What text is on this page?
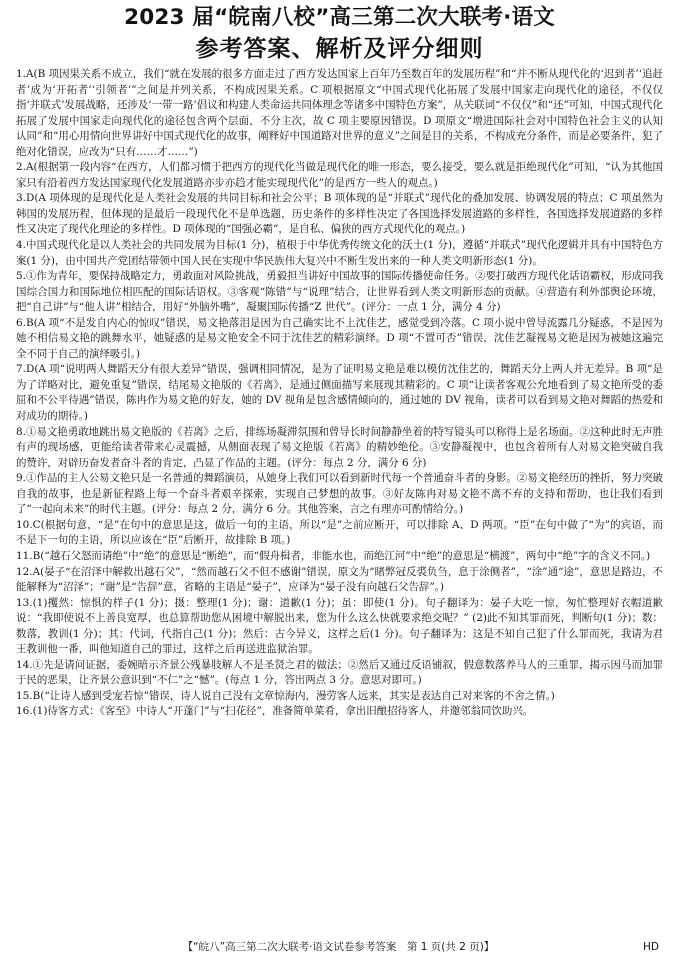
2023 届“皖南八校”高三第二次大联考·语文
参考答案、解析及评分细则

1.A(B 项因果关系不成立，我们“就在发展的很多方面走过了西方发达国家上百年乃至数百年的发展历程”和“并不断从现代化的‘迟到者’‘追赶者’成为‘开拓者’‘引领者’”之间是并列关系，不构成因果关系。C 项根据原文“中国式现代化拓展了发展中国家走向现代化的途径，不仅仅指‘并联式’发展战略，还涉及‘一带一路’倡议和构建人类命运共同体理念等诸多中国特色方案”，从关联词“不仅仅”和“还”可知，中国式现代化拓展了发展中国家走向现代化的途径包含两个层面，不分主次，故 C 项主要原因错误。D 项原文“增进国际社会对中国特色社会主义的认知认同”和“用心用情向世界讲好中国式现代化的故事，阐释好中国道路对世界的意义”之间是目的关系，不构成充分条件，而是必要条件，犯了绝对化错误，应改为“只有……才……”)

2.A(根据第一段内容“在西方，人们都习惯于把西方的现代化当做是现代化的唯一形态，要么接受，要么就是拒绝现代化”可知，“认为其他国家只有沿着西方发达国家现代化发展道路亦步亦趋才能实现现代化”的是西方一些人的观点。)

3.D(A 项体现的是现代化是人类社会发展的共同目标和社会公平；B 项体现的是“并联式”现代化的叠加发展、协调发展的特点；C 项虽然为韩国的发展历程，但体现的是最后一段现代化不是单选题，历史条件的多样性决定了各国选择发展道路的多样性，各国选择发展道路的多样性又决定了现代化理论的多样性。D 项体现的“国强必霸”，是自私、偏狭的西方式现代化的观点。)

4.中国式现代化是以人类社会的共同发展为目标(1 分)，植根于中华优秀传统文化的沃土(1 分)，遵循“并联式”现代化逻辑并具有中国特色方案(1 分)，由中国共产党团结带领中国人民在实现中华民族伟大复兴中不断生发出来的一种人类文明新形态(1 分)。

5.①作为青年，要保持战略定力，勇敢面对风险挑战，勇毅担当讲好中国故事的国际传播使命任务。②要打破西方现代化话语霸权，形成同我国综合国力和国际地位相匹配的国际话语权。③客观“陈错”与“说理”结合，让世界看到人类文明新形态的贡献。④营造有利外部舆论环境，把“自己讲”与“他人讲”相结合，用好“外脑外嘴”，凝聚国际传播“Z 世代”。(评分：一点 1 分，满分 4 分)

6.B(A 项“不是发自内心的惊叹”错误，易文艳落泪是因为自己确实比不上沈佳艺，感觉受到冷落。C 项小说中曾导流露几分疑惑，不是因为她不相信易文艳的跳舞水平，她疑惑的是易文艳安全不同于沈佳艺的精彩演绎。D 项“不置可否”错误，沈佳艺凝视易文艳是因为被她这遍完全不同于自己的演绎吸引。)

7.D(A 项“说明两人舞蹈天分有很大差异”错误，强调相同情况，是为了证明易文艳是难以模仿沈佳艺的，舞蹈天分上两人并无差异。B 项“是为了详略对比，避免重复”错误，结尾易文艳版的《若离》，是通过侧面描写来展现其精彩的。C 项“让读者客观公允地看到了易文艳所受的委屈和不公平待遇”错误，陈冉作为易文艳的好友，她的 DV 视角是包含感情倾向的，通过她的 DV 视角，读者可以看到易文艳对舞蹈的热爱和对成功的期待。)

8.①易文艳勇敢地跳出易文艳版的《若离》之后，排练场凝滞氛围和曾导长时间静静坐着的特写镜头可以称得上是名场面。②这种此时无声胜有声的现场感，更能给读者带来心灵震撼，从侧面表现了易文艳版《若离》的精妙绝伦。③安静凝视中，也包含着所有人对易文艳突破自我的赞许，对辟历奋发者奋斗者的肯定，凸显了作品的主题。(评分：每点 2 分，满分 6 分)

9.①作品的主人公易文艳只是一名普通的舞蹈演员，从她身上我们可以看到新时代每一个普通奋斗者的身影。②易文艳经历的挫折，努力突破自我的故事，也是新征程路上每一个奋斗者艰辛探索，实现自己梦想的故事。③好友陈冉对易文艳不离不弃的支持和帮助，也让我们看到了“一起向未来”的时代主题。(评分：每点 2 分，满分 6 分。其他答案，言之有理亦可酌情给分。)

10.C(根据句意，“是”在句中的意思是这，做后一句的主语，所以“是”之前应断开，可以排除 A、D 两项。“臣”在句中做了“为”的宾语，而不是下一句的主语，所以应该在“臣”后断开，故排除 B 项。)

11.B(“越石父怒而请绝”中“绝”的意思是“断绝”，而“假舟楫者，非能水也，而绝江河”中“绝”的意思是“横渡”，两句中“绝”字的含义不同。)

12.A(晏子“在沼泽中解救出越石父”，“然而越石父不但不感谢”错误，原文为“睹弊冠反裘负刍，息于涂侧者”，“涂”通“途”，意思是路边，不能解释为“沼泽”；“谢”是“告辞”意，省略的主语是“晏子”，应译为“晏子没有向越石父告辞”。)

13.(1)攫然：惊惧的样子(1 分)；摄：整理(1 分)；谢：道歉(1 分)；虽：即使(1 分)。句子翻译为：晏子大吃一惊，匆忙整理好衣帽道歉说：“我即使说不上善良宽厚，也总算帮助您从困境中解脱出来，您为什么这么快就要求绝交呢？” (2)此不知其罪而死，判断句(1 分)；数：数落，教训(1 分)；其：代词，代指自己(1 分)；然后：古今异义，这样之后(1 分)。句子翻译为：这是不知自己犯了什么罪而死，我请为君王教训他一番，叫他知道自己的罪过，这样之后再送进监狱治罪。

14.①先是请问证据，委婉暗示齐景公残暴肢解人不是圣贤之君的做法；②然后又通过反语铺叙，假意数落养马人的三重罪，揭示因马而加罪于民的恶果，让齐景公意识到“不仁”之“憾”。(每点 1 分，答出两点 3 分。意思对即可。)

15.B(“让诗人感到受宠若惊”错误，诗人说自己没有文章惊海内，漫劳客人远来，其实是表达自己对来客的不舍之情。)

16.(1)待客方式：《客至》中诗人“开蓬门”与“扫花径”，准备简单菜肴，拿出旧酿招待客人，并邀邻翁同饮助兴。

【“皖八”高三第二次大联考·语文试卷参考答案　第 1 页(共 2 页)】	HD
